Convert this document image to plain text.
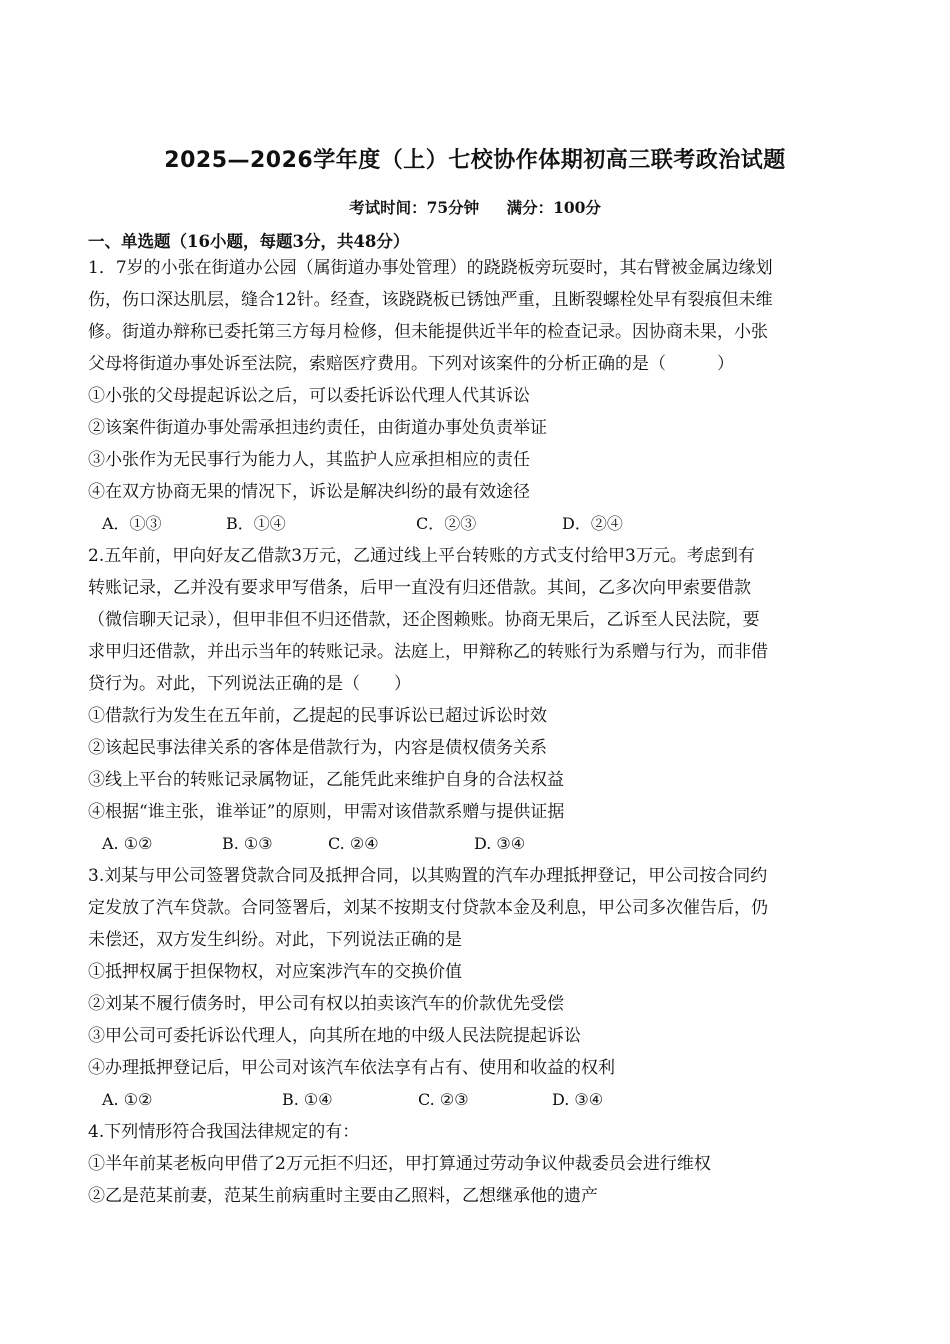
2025—2026学年度（上）七校协作体期初高三联考政治试题
考试时间：75分钟 满分：100分
一、单选题（16小题，每题3分，共48分）
1．7岁的小张在街道办公园（属街道办事处管理）的跷跷板旁玩耍时，其右臂被金属边缘划
伤，伤口深达肌层，缝合12针。经查，该跷跷板已锈蚀严重，且断裂螺栓处早有裂痕但未维
修。街道办辩称已委托第三方每月检修，但未能提供近半年的检查记录。因协商未果，小张
父母将街道办事处诉至法院，索赔医疗费用。下列对该案件的分析正确的是（　　　）
①小张的父母提起诉讼之后，可以委托诉讼代理人代其诉讼
②该案件街道办事处需承担违约责任，由街道办事处负责举证
③小张作为无民事行为能力人，其监护人应承担相应的责任
④在双方协商无果的情况下，诉讼是解决纠纷的最有效途径
A．①③	B．①④	C．②③	D．②④
2.五年前，甲向好友乙借款3万元，乙通过线上平台转账的方式支付给甲3万元。考虑到有
转账记录，乙并没有要求甲写借条，后甲一直没有归还借款。其间，乙多次向甲索要借款
（微信聊天记录），但甲非但不归还借款，还企图赖账。协商无果后，乙诉至人民法院，要
求甲归还借款，并出示当年的转账记录。法庭上，甲辩称乙的转账行为系赠与行为，而非借
贷行为。对此，下列说法正确的是（　　）
①借款行为发生在五年前，乙提起的民事诉讼已超过诉讼时效
②该起民事法律关系的客体是借款行为，内容是债权债务关系
③线上平台的转账记录属物证，乙能凭此来维护自身的合法权益
④根据“谁主张，谁举证”的原则，甲需对该借款系赠与提供证据
A. ①②	B. ①③	C. ②④	D. ③④
3.刘某与甲公司签署贷款合同及抵押合同，以其购置的汽车办理抵押登记，甲公司按合同约
定发放了汽车贷款。合同签署后，刘某不按期支付贷款本金及利息，甲公司多次催告后，仍
未偿还，双方发生纠纷。对此，下列说法正确的是
①抵押权属于担保物权，对应案涉汽车的交换价值
②刘某不履行债务时，甲公司有权以拍卖该汽车的价款优先受偿
③甲公司可委托诉讼代理人，向其所在地的中级人民法院提起诉讼
④办理抵押登记后，甲公司对该汽车依法享有占有、使用和收益的权利
A. ①②	B. ①④	C. ②③	D. ③④
4.下列情形符合我国法律规定的有：
①半年前某老板向甲借了2万元拒不归还，甲打算通过劳动争议仲裁委员会进行维权
②乙是范某前妻，范某生前病重时主要由乙照料，乙想继承他的遗产
